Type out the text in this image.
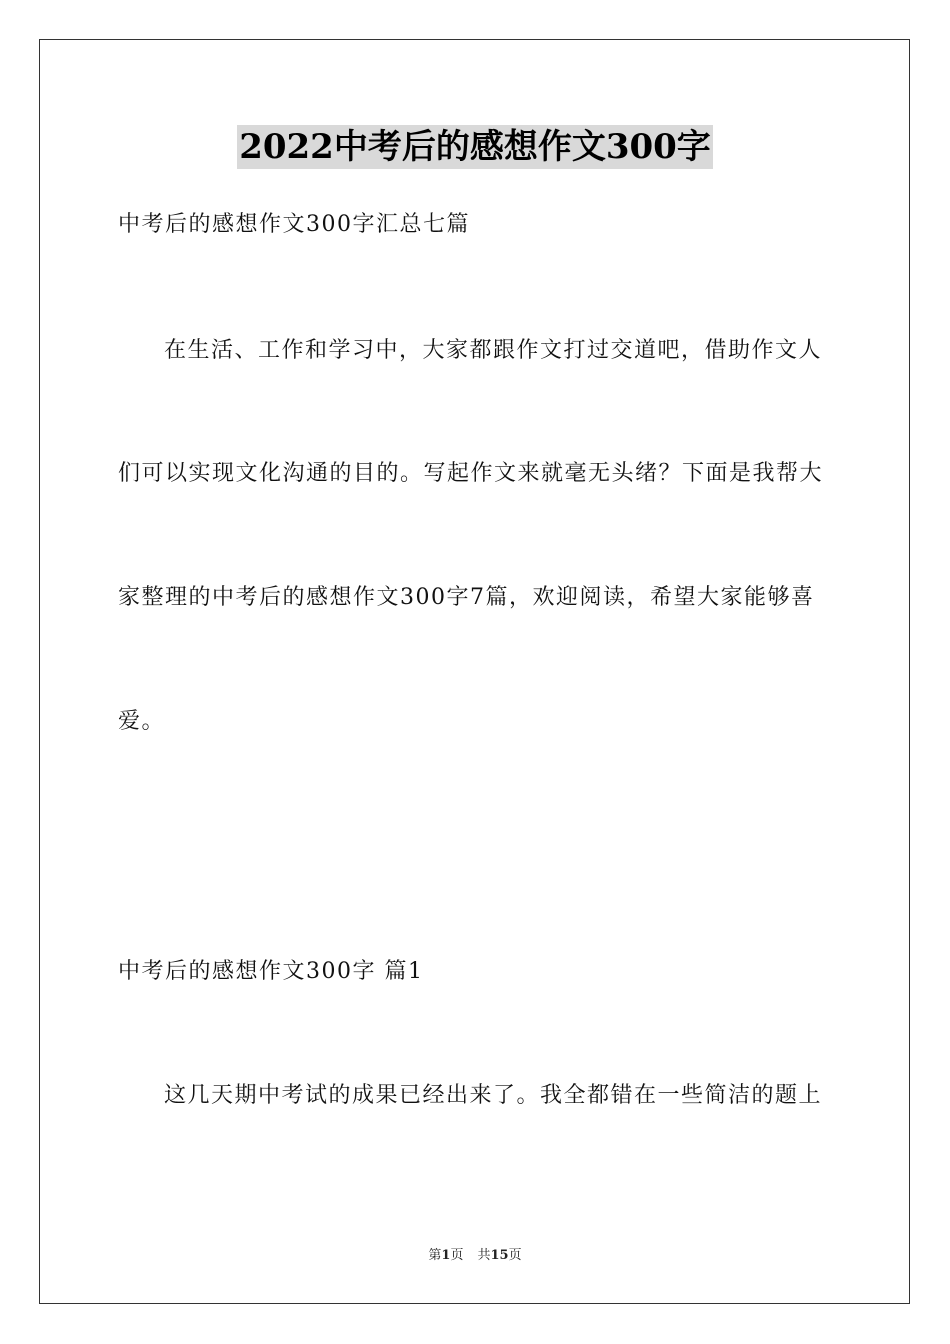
2022中考后的感想作文300字
中考后的感想作文300字汇总七篇
在生活、工作和学习中，大家都跟作文打过交道吧，借助作文人
们可以实现文化沟通的目的。写起作文来就毫无头绪？下面是我帮大
家整理的中考后的感想作文300字7篇，欢迎阅读，希望大家能够喜
爱。
中考后的感想作文300字 篇1
这几天期中考试的成果已经出来了。我全都错在一些简洁的题上
第1页 共15页
